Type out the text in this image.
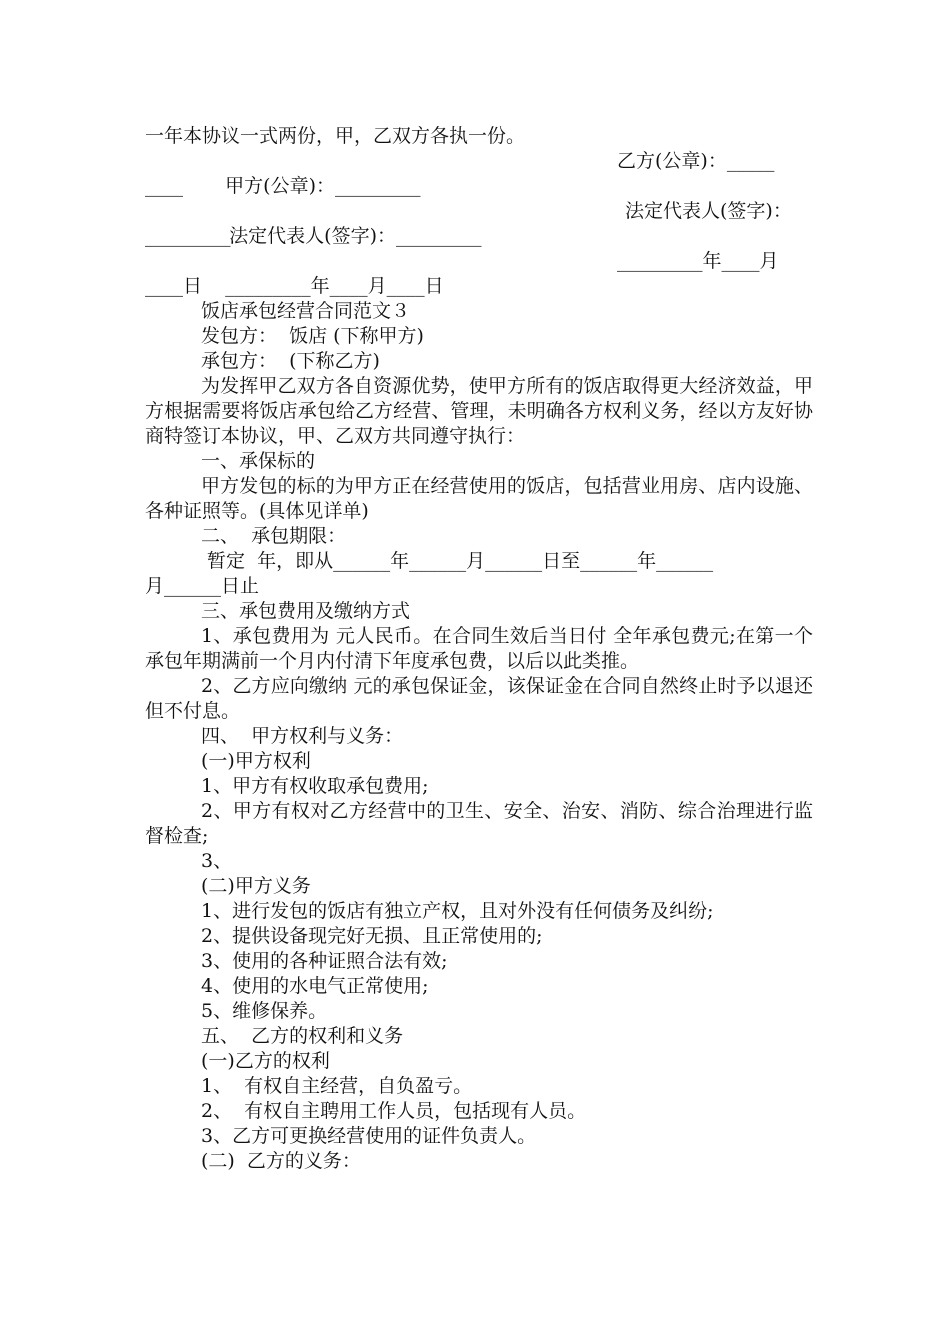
一年本协议一式两份，甲，乙双方各执一份。

甲方(公章)：_________

乙方(公章)：_____

____

法定代表人(签字)：_________

法定代表人(签字)：

_________

_________年____月____日

_________年____月

____日
饭店承包经营合同范文３
发包方：  饭店 (下称甲方)
承包方：  (下称乙方)
为发挥甲乙双方各自资源优势，使甲方所有的饭店取得更大经济效益，甲方根据需要将饭店承包给乙方经营、管理，未明确各方权利义务，经以方友好协商特签订本协议，甲、乙双方共同遵守执行：
一、承保标的
甲方发包的标的为甲方正在经营使用的饭店，包括营业用房、店内设施、各种证照等。(具体见详单)
二、  承包期限：
暂定  年，即从______年______月______日至______年______
月______日止
三、承包费用及缴纳方式
1、承包费用为 元人民币。在合同生效后当日付 全年承包费元;在第一个承包年期满前一个月内付清下年度承包费，以后以此类推。
2、乙方应向缴纳 元的承包保证金，该保证金在合同自然终止时予以退还但不付息。
四、  甲方权利与义务：
(一)甲方权利
1、甲方有权收取承包费用;
2、甲方有权对乙方经营中的卫生、安全、治安、消防、综合治理进行监督检查;
3、
(二)甲方义务
1、进行发包的饭店有独立产权，且对外没有任何债务及纠纷;
2、提供设备现完好无损、且正常使用的;
3、使用的各种证照合法有效;
4、使用的水电气正常使用;
5、维修保养。
五、  乙方的权利和义务
(一)乙方的权利
1、  有权自主经营，自负盈亏。
2、  有权自主聘用工作人员，包括现有人员。
3、乙方可更换经营使用的证件负责人。
(二)  乙方的义务：
